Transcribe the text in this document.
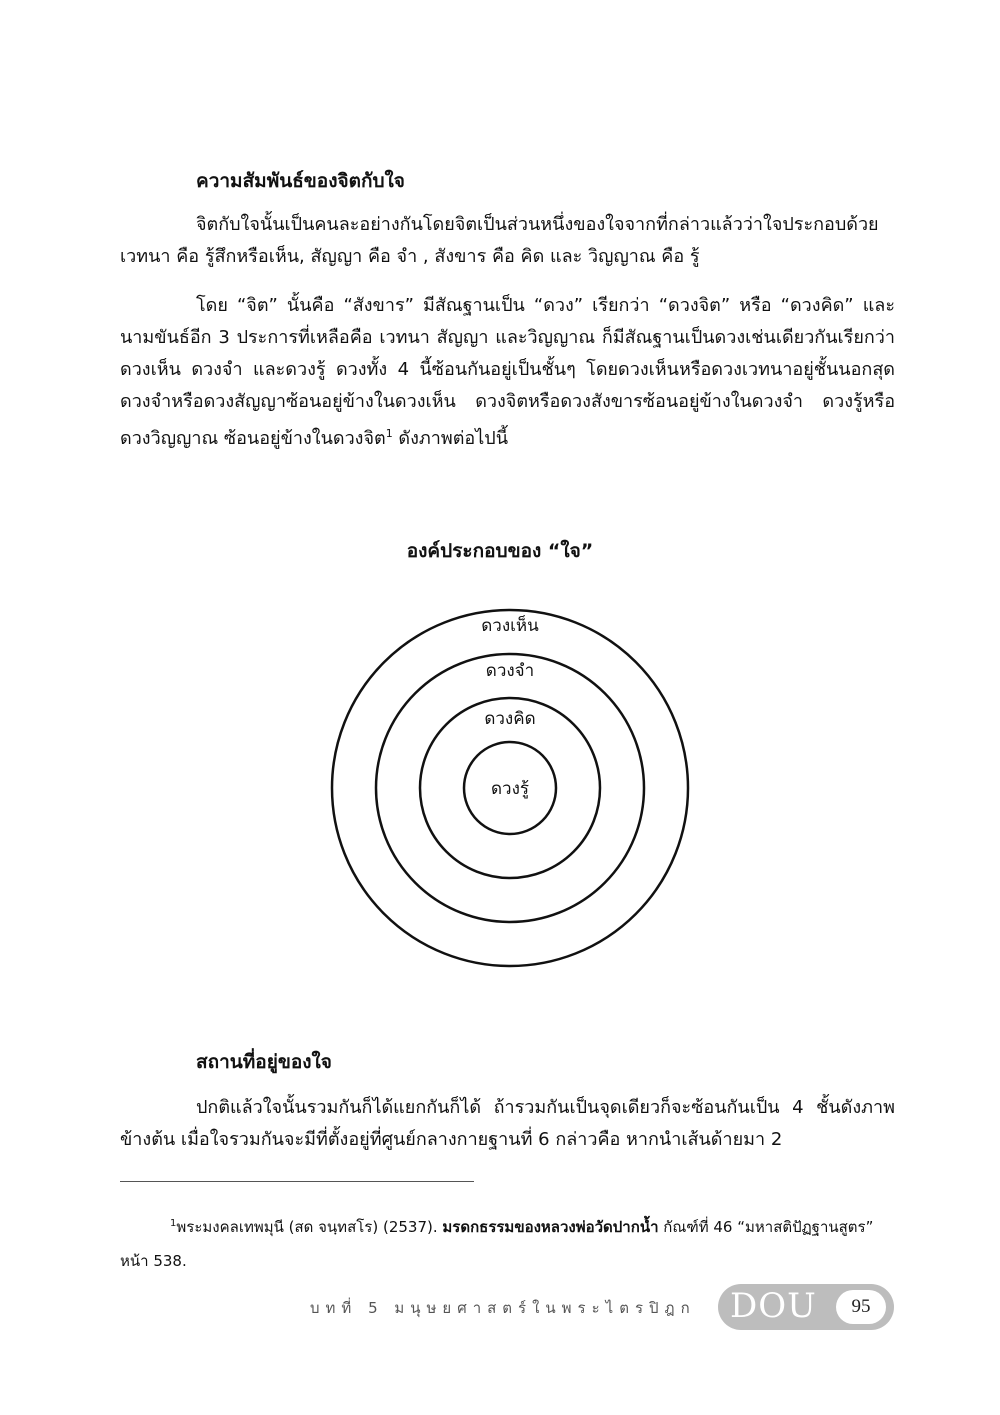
ความสัมพันธ์ของจิตกับใจ

จิตกับใจนั้นเป็นคนละอย่างกันโดยจิตเป็นส่วนหนึ่งของใจจากที่กล่าวแล้วว่าใจประกอบด้วย เวทนา คือ รู้สึกหรือเห็น, สัญญา คือ จำ , สังขาร คือ คิด และ วิญญาณ คือ รู้

โดย “จิต” นั้นคือ “สังขาร” มีสัณฐานเป็น “ดวง” เรียกว่า “ดวงจิต” หรือ “ดวงคิด” และนามขันธ์อีก 3 ประการที่เหลือคือ เวทนา สัญญา และวิญญาณ ก็มีสัณฐานเป็นดวงเช่นเดียวกันเรียกว่า ดวงเห็น ดวงจำ และดวงรู้ ดวงทั้ง 4 นี้ซ้อนกันอยู่เป็นชั้นๆ โดยดวงเห็นหรือดวงเวทนาอยู่ชั้นนอกสุด ดวงจำหรือดวงสัญญาซ้อนอยู่ข้างในดวงเห็น ดวงจิตหรือดวงสังขารซ้อนอยู่ข้างในดวงจำ ดวงรู้หรือดวงวิญญาณ ซ้อนอยู่ข้างในดวงจิต$^1$ ดังภาพต่อไปนี้

องค์ประกอบของ “ใจ”
ดวงเห็น
ดวงจำ
ดวงคิด
ดวงรู้
สถานที่อยู่ของใจ

ปกติแล้วใจนั้นรวมกันก็ได้แยกกันก็ได้ ถ้ารวมกันเป็นจุดเดียวก็จะซ้อนกันเป็น 4 ชั้นดังภาพข้างต้น เมื่อใจรวมกันจะมีที่ตั้งอยู่ที่ศูนย์กลางกายฐานที่ 6 กล่าวคือ หากนำเส้นด้ายมา 2

$^1$พระมงคลเทพมุนี (สด จนฺทสโร) (2537). มรดกธรรมของหลวงพ่อวัดปากน้ำ กัณฑ์ที่ 46 “มหาสติปัฏฐานสูตร” หน้า 538.

บทที่ 5 มนุษยศาสตร์ในพระไตรปิฎก DOU	95
